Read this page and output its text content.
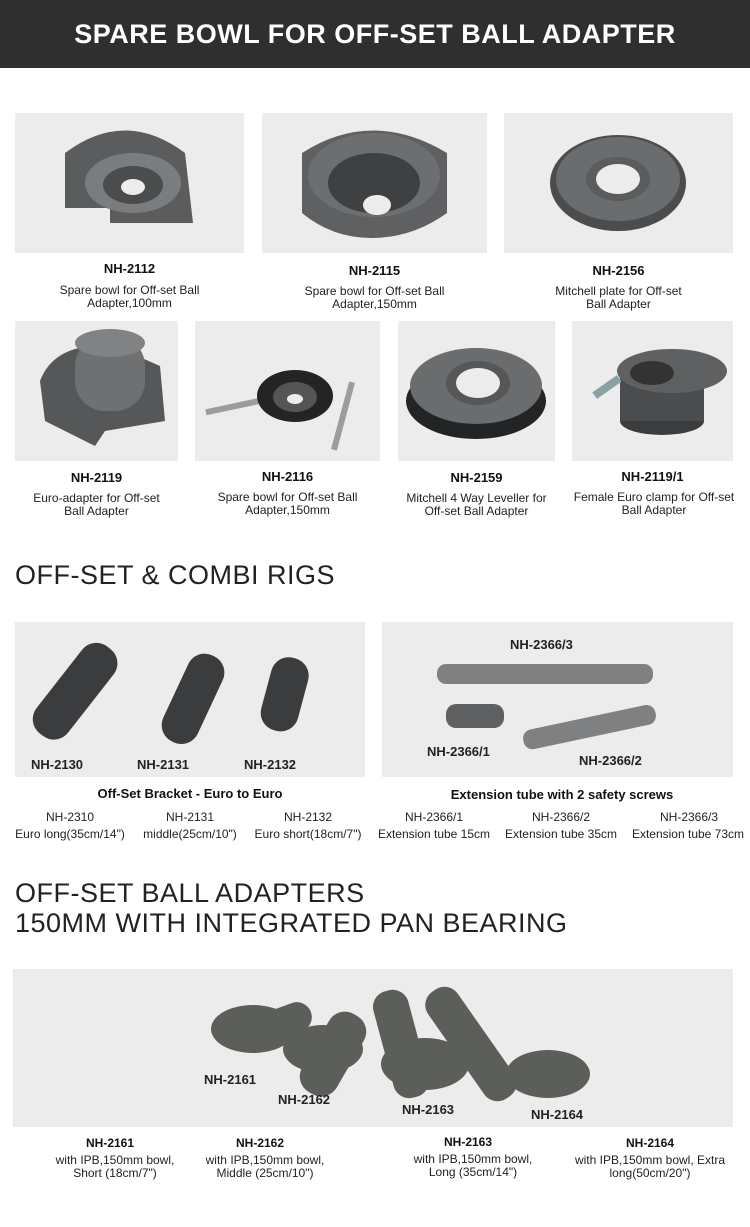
SPARE BOWL FOR OFF-SET BALL ADAPTER
NH-2112
Spare bowl for Off-set Ball
Adapter,100mm
NH-2115
Spare bowl for Off-set Ball
Adapter,150mm
NH-2156
Mitchell plate for Off-set
Ball Adapter
NH-2119
Euro-adapter for Off-set
Ball Adapter
NH-2116
Spare bowl for Off-set Ball
Adapter,150mm
NH-2159
Mitchell 4 Way Leveller for
Off-set Ball Adapter
NH-2119/1
Female Euro clamp for Off-set
Ball Adapter
OFF-SET & COMBI RIGS
NH-2130	NH-2131	NH-2132
NH-2366/3
NH-2366/1
NH-2366/2
Off-Set Bracket - Euro to Euro
NH-2310
Euro long(35cm/14")
NH-2131
middle(25cm/10")
NH-2132
Euro short(18cm/7")
Extension tube with 2 safety screws
NH-2366/1
Extension tube 15cm
NH-2366/2
Extension tube 35cm
NH-2366/3
Extension tube 73cm
OFF-SET BALL ADAPTERS
150MM WITH INTEGRATED PAN BEARING
NH-2161
NH-2162
NH-2163	NH-2164
NH-2161
with IPB,150mm bowl,
Short (18cm/7")
NH-2162
with IPB,150mm bowl,
Middle (25cm/10")
NH-2163
with IPB,150mm bowl,
Long (35cm/14")
NH-2164
with IPB,150mm bowl, Extra
long(50cm/20")
